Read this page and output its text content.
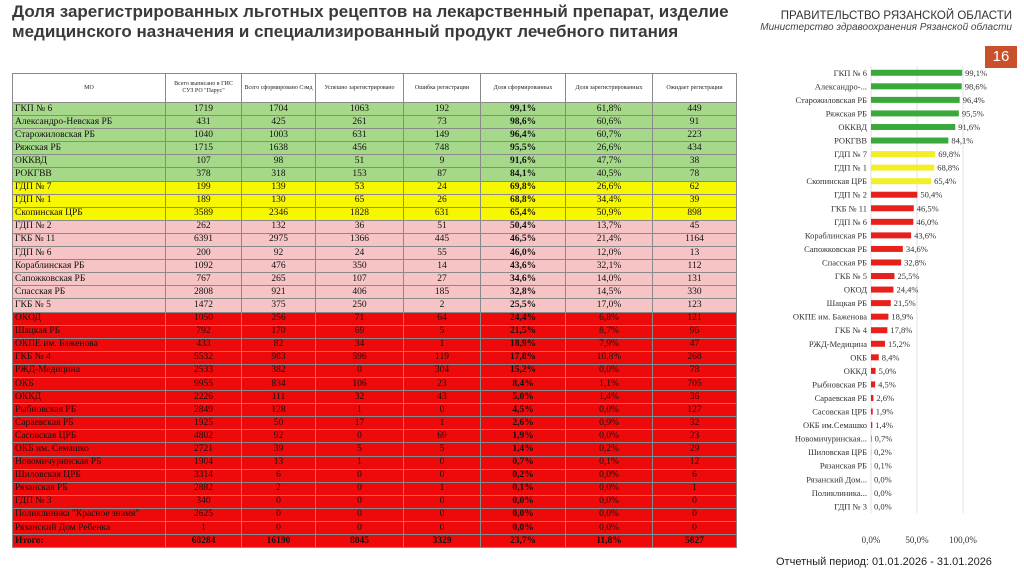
Доля зарегистрированных льготных рецептов на лекарственный препарат, изделие медицинского назначения и специализированный продукт лечебного питания
ПРАВИТЕЛЬСТВО РЯЗАНСКОЙ ОБЛАСТИ
Министерство здравоохранения Рязанской области
16
МО	Всего выписано в ГИС СУЗ РО "Парус"	Всего сформировано Сзмд	Успешно зарегистрировано	Ошибка регистрации	Доля сформированных	Доля зарегистрированных	Ожидает регистрации
ГКП № 6	1719	1704	1063	192	99,1%	61,8%	449
Александро-Невская РБ	431	425	261	73	98,6%	60,6%	91
Старожиловская РБ	1040	1003	631	149	96,4%	60,7%	223
Ряжская РБ	1715	1638	456	748	95,5%	26,6%	434
ОККВД	107	98	51	9	91,6%	47,7%	38
РОКГВВ	378	318	153	87	84,1%	40,5%	78
ГДП № 7	199	139	53	24	69,8%	26,6%	62
ГДП № 1	189	130	65	26	68,8%	34,4%	39
Скопинская ЦРБ	3589	2346	1828	631	65,4%	50,9%	898
ГДП № 2	262	132	36	51	50,4%	13,7%	45
ГКБ № 11	6391	2975	1366	445	46,5%	21,4%	1164
ГДП № 6	200	92	24	55	46,0%	12,0%	13
Кораблинская РБ	1092	476	350	14	43,6%	32,1%	112
Сапожковская РБ	767	265	107	27	34,6%	14,0%	131
Спасская РБ	2808	921	406	185	32,8%	14,5%	330
ГКБ № 5	1472	375	250	2	25,5%	17,0%	123
ОКОД	1050	256	71	64	24,4%	6,8%	121
Шацкая РБ	792	170	69	5	21,5%	8,7%	96
ОКПЕ им. Баженова	433	82	34	1	18,9%	7,9%	47
ГКБ № 4	5532	983	596	119	17,8%	10,8%	268
РЖД-Медицина	2533	382	0	304	15,2%	0,0%	78
ОКБ	9955	834	106	23	8,4%	1,1%	705
ОККД	2226	111	32	43	5,0%	1,4%	36
Рыбновская РБ	2849	128	1	0	4,5%	0,0%	127
Сараевская РБ	1925	50	17	1	2,6%	0,9%	32
Сасовская ЦРБ	4802	92	0	69	1,9%	0,0%	23
ОКБ им. Семашко	2721	39	5	5	1,4%	0,2%	29
Новомичуринская РБ	1904	13	1	0	0,7%	0,1%	12
Шиловская ЦРБ	3314	6	0	0	0,2%	0,0%	6
Рязанская РБ	2882	2	0	1	0,1%	0,0%	1
ГДП № 3	340	0	0	0	0,0%	0,0%	0
Поликлиника "Красное знамя"	2625	0	0	0	0,0%	0,0%	0
Рязанский Дом Ребенка	1	0	0	0	0,0%	0,0%	0
Итого:	68284	16190	8045	3329	23,7%	11,8%	5827
ГКП № 6	99,1%
Александро-...	98,6%
Старожиловская РБ	96,4%
Ряжская РБ	95,5%
ОККВД	91,6%
РОКГВВ	84,1%
ГДП № 7	69,8%
ГДП № 1	68,8%
Скопинская ЦРБ	65,4%
ГДП № 2	50,4%
ГКБ № 11	46,5%
ГДП № 6	46,0%
Кораблинская РБ	43,6%
Сапожковская РБ	34,6%
Спасская РБ	32,8%
ГКБ № 5	25,5%
ОКОД	24,4%
Шацкая РБ	21,5%
ОКПЕ им. Баженова	18,9%
ГКБ № 4	17,8%
РЖД-Медицина 15,2%
ОКБ 8,4%
ОККД 5,0%
Рыбновская РБ 4,5%
Сараевская РБ 2,6%
Сасовская ЦРБ 1,9%
ОКБ им.Семашко 1,4%
Новомичуринская... 0,7%
Шиловская ЦРБ 0,2%
Рязанская РБ 0,1%
Рязанский Дом... 0,0%
Поликлиника... 0,0%
ГДП № 3 0,0%
0,0%	50,0% 100,0%

Отчетный период: 01.01.2026 - 31.01.2026
